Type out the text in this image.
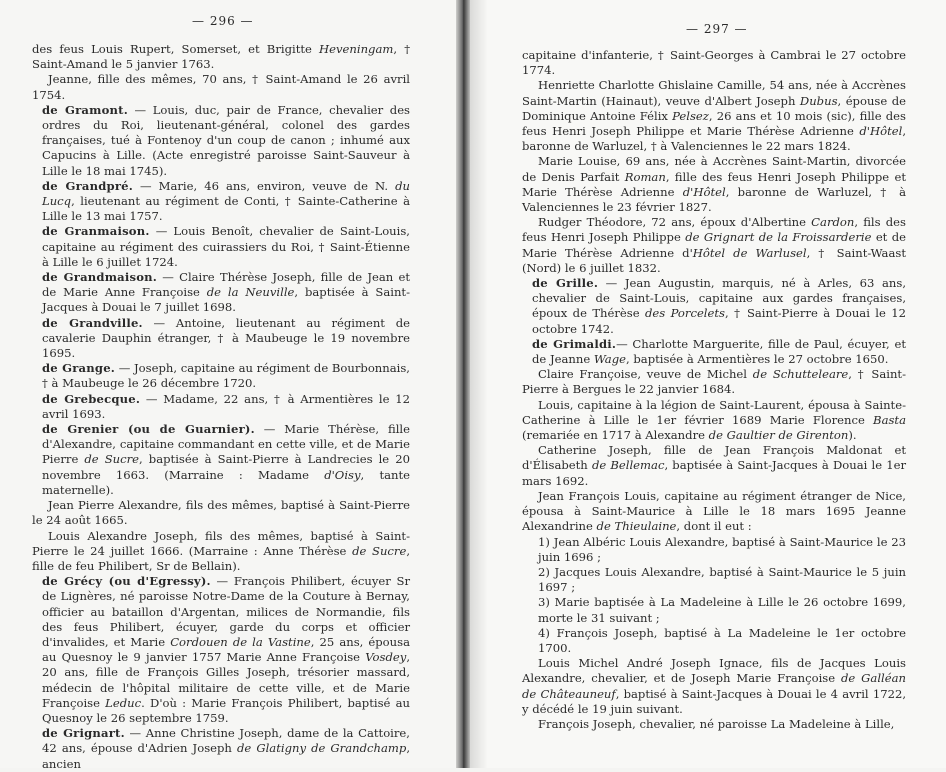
— 296 —

des feus Louis Rupert, Somerset, et Brigitte Heveningam, † Saint-Amand le 5 janvier 1763.

Jeanne, fille des mêmes, 70 ans, † Saint-Amand le 26 avril 1754.

de Gramont. — Louis, duc, pair de France, chevalier des ordres du Roi, lieutenant-général, colonel des gardes françaises, tué à Fontenoy d'un coup de canon ; inhumé aux Capucins à Lille. (Acte enregistré paroisse Saint-Sauveur à Lille le 18 mai 1745).

de Grandpré. — Marie, 46 ans, environ, veuve de N. du Lucq, lieutenant au régiment de Conti, † Sainte-Catherine à Lille le 13 mai 1757.

de Granmaison. — Louis Benoît, chevalier de Saint-Louis, capitaine au régiment des cuirassiers du Roi, † Saint-Étienne à Lille le 6 juillet 1724.

de Grandmaison. — Claire Thérèse Joseph, fille de Jean et de Marie Anne Françoise de la Neuville, baptisée à Saint-Jacques à Douai le 7 juillet 1698.

de Grandville. — Antoine, lieutenant au régiment de cavalerie Dauphin étranger, † à Maubeuge le 19 novembre 1695.

de Grange. — Joseph, capitaine au régiment de Bourbonnais, † à Maubeuge le 26 décembre 1720.

de Grebecque. — Madame, 22 ans, † à Armentières le 12 avril 1693.

de Grenier (ou de Guarnier). — Marie Thérèse, fille d'Alexandre, capitaine commandant en cette ville, et de Marie Pierre de Sucre, baptisée à Saint-Pierre à Landrecies le 20 novembre 1663. (Marraine : Madame d'Oisy, tante maternelle).

Jean Pierre Alexandre, fils des mêmes, baptisé à Saint-Pierre le 24 août 1665.

Louis Alexandre Joseph, fils des mêmes, baptisé à Saint-Pierre le 24 juillet 1666. (Marraine : Anne Thérèse de Sucre, fille de feu Philibert, Sr de Bellain).

de Grécy (ou d'Egressy). — François Philibert, écuyer Sr de Lignères, né paroisse Notre-Dame de la Couture à Bernay, officier au bataillon d'Argentan, milices de Normandie, fils des feus Philibert, écuyer, garde du corps et officier d'invalides, et Marie Cordouen de la Vastine, 25 ans, épousa au Quesnoy le 9 janvier 1757 Marie Anne Françoise Vosdey, 20 ans, fille de François Gilles Joseph, trésorier massard, médecin de l'hôpital militaire de cette ville, et de Marie Françoise Leduc. D'où : Marie François Philibert, baptisé au Quesnoy le 26 septembre 1759.

de Grignart. — Anne Christine Joseph, dame de la Cattoire, 42 ans, épouse d'Adrien Joseph de Glatigny de Grandchamp, ancien

— 297 —

capitaine d'infanterie, † Saint-Georges à Cambrai le 27 octobre 1774.

Henriette Charlotte Ghislaine Camille, 54 ans, née à Accrènes Saint-Martin (Hainaut), veuve d'Albert Joseph Dubus, épouse de Dominique Antoine Félix Pelsez, 26 ans et 10 mois (sic), fille des feus Henri Joseph Philippe et Marie Thérèse Adrienne d'Hôtel, baronne de Warluzel, † à Valenciennes le 22 mars 1824.

Marie Louise, 69 ans, née à Accrènes Saint-Martin, divorcée de Denis Parfait Roman, fille des feus Henri Joseph Philippe et Marie Thérèse Adrienne d'Hôtel, baronne de Warluzel, † à Valenciennes le 23 février 1827.

Rudger Théodore, 72 ans, époux d'Albertine Cardon, fils des feus Henri Joseph Philippe de Grignart de la Froissarderie et de Marie Thérèse Adrienne d'Hôtel de Warlusel, † Saint-Waast (Nord) le 6 juillet 1832.

de Grille. — Jean Augustin, marquis, né à Arles, 63 ans, chevalier de Saint-Louis, capitaine aux gardes françaises, époux de Thérèse des Porcelets, † Saint-Pierre à Douai le 12 octobre 1742.

de Grimaldi.— Charlotte Marguerite, fille de Paul, écuyer, et de Jeanne Wage, baptisée à Armentières le 27 octobre 1650.

Claire Françoise, veuve de Michel de Schutteleare, † Saint-Pierre à Bergues le 22 janvier 1684.

Louis, capitaine à la légion de Saint-Laurent, épousa à Sainte-Catherine à Lille le 1er février 1689 Marie Florence Basta (remariée en 1717 à Alexandre de Gaultier de Girenton).

Catherine Joseph, fille de Jean François Maldonat et d'Élisabeth de Bellemac, baptisée à Saint-Jacques à Douai le 1er mars 1692.

Jean François Louis, capitaine au régiment étranger de Nice, épousa à Saint-Maurice à Lille le 18 mars 1695 Jeanne Alexandrine de Thieulaine, dont il eut :

1) Jean Albéric Louis Alexandre, baptisé à Saint-Maurice le 23 juin 1696 ;

2) Jacques Louis Alexandre, baptisé à Saint-Maurice le 5 juin 1697 ;

3) Marie baptisée à La Madeleine à Lille le 26 octobre 1699, morte le 31 suivant ;

4) François Joseph, baptisé à La Madeleine le 1er octobre 1700.

Louis Michel André Joseph Ignace, fils de Jacques Louis Alexandre, chevalier, et de Joseph Marie Françoise de Galléan de Châteauneuf, baptisé à Saint-Jacques à Douai le 4 avril 1722, y décédé le 19 juin suivant.

François Joseph, chevalier, né paroisse La Madeleine à Lille,
